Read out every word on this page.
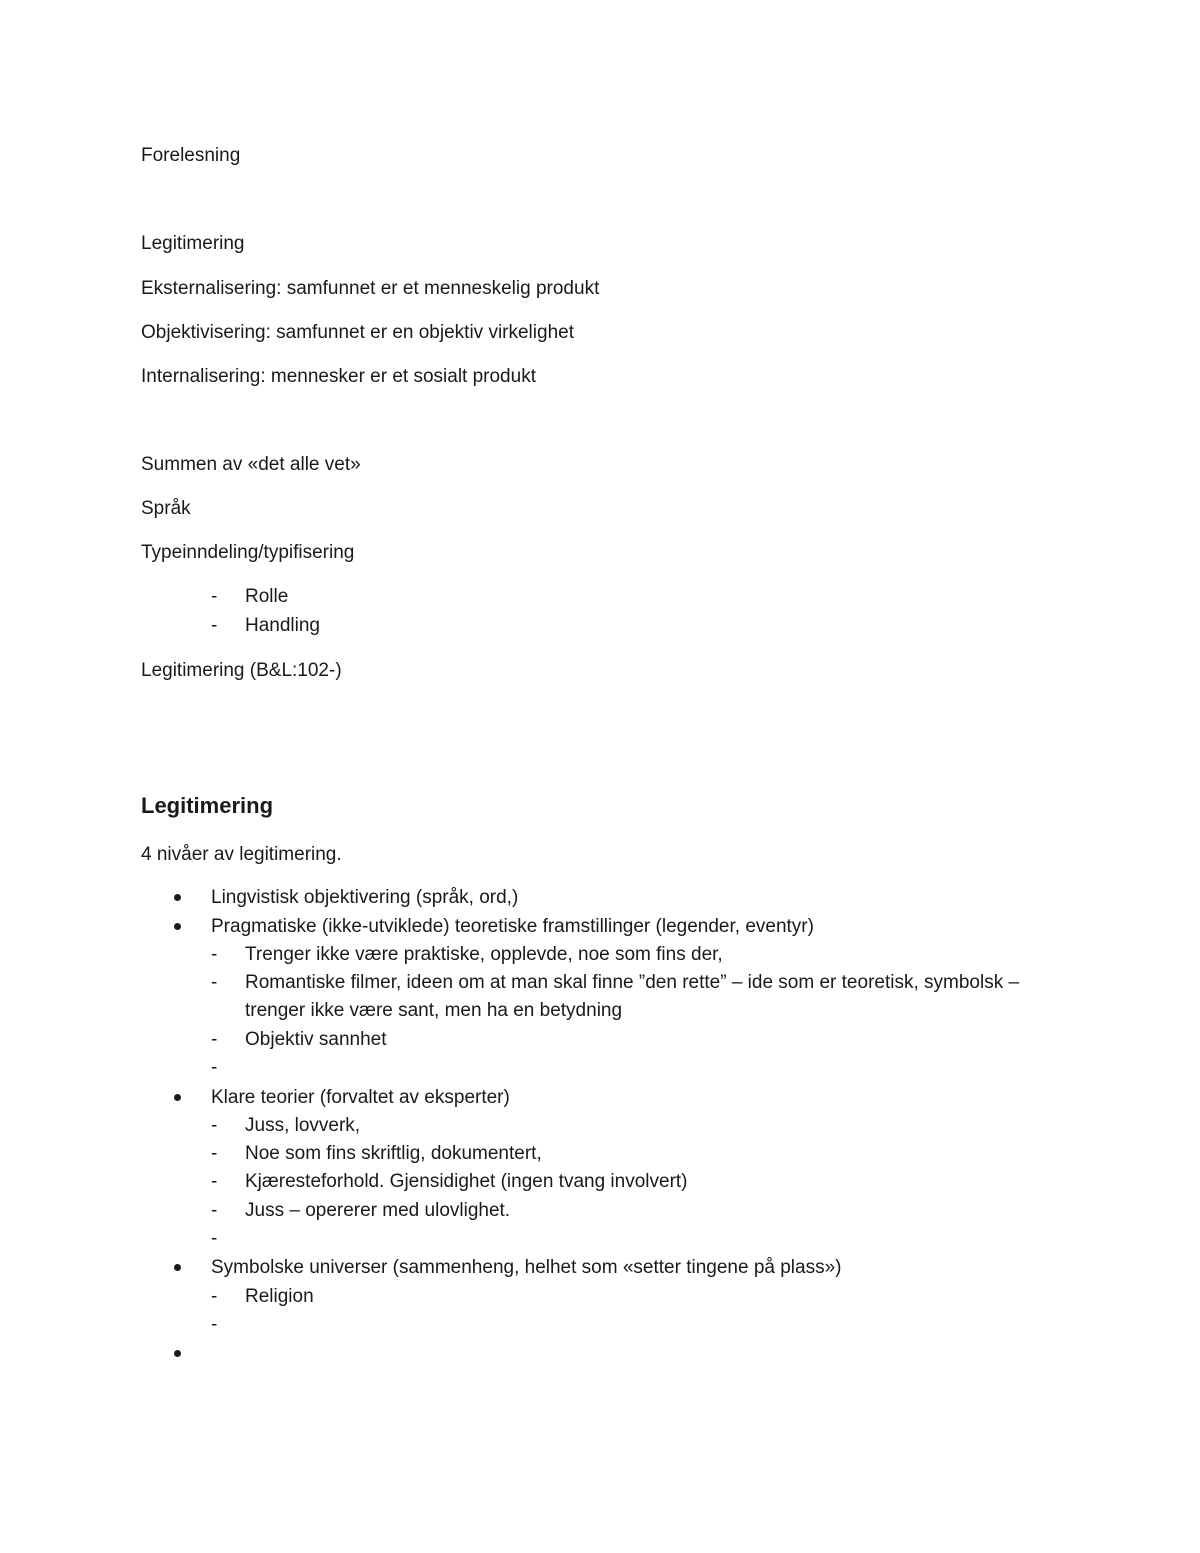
Forelesning
Legitimering
Eksternalisering: samfunnet er et menneskelig produkt
Objektivisering: samfunnet er en objektiv virkelighet
Internalisering: mennesker er et sosialt produkt
Summen av «det alle vet»
Språk
Typeinndeling/typifisering
- Rolle
- Handling
Legitimering (B&L:102-)
Legitimering
4 nivåer av legitimering.
Lingvistisk objektivering (språk, ord,)
Pragmatiske (ikke-utviklede) teoretiske framstillinger (legender, eventyr)
- Trenger ikke være praktiske, opplevde, noe som fins der,
- Romantiske filmer, ideen om at man skal finne ”den rette” – ide som er teoretisk, symbolsk –
trenger ikke være sant, men ha en betydning
- Objektiv sannhet
-
Klare teorier (forvaltet av eksperter)
- Juss, lovverk,
- Noe som fins skriftlig, dokumentert,
- Kjæresteforhold. Gjensidighet (ingen tvang involvert)
- Juss – opererer med ulovlighet.
-
Symbolske universer (sammenheng, helhet som «setter tingene på plass»)
- Religion
-
